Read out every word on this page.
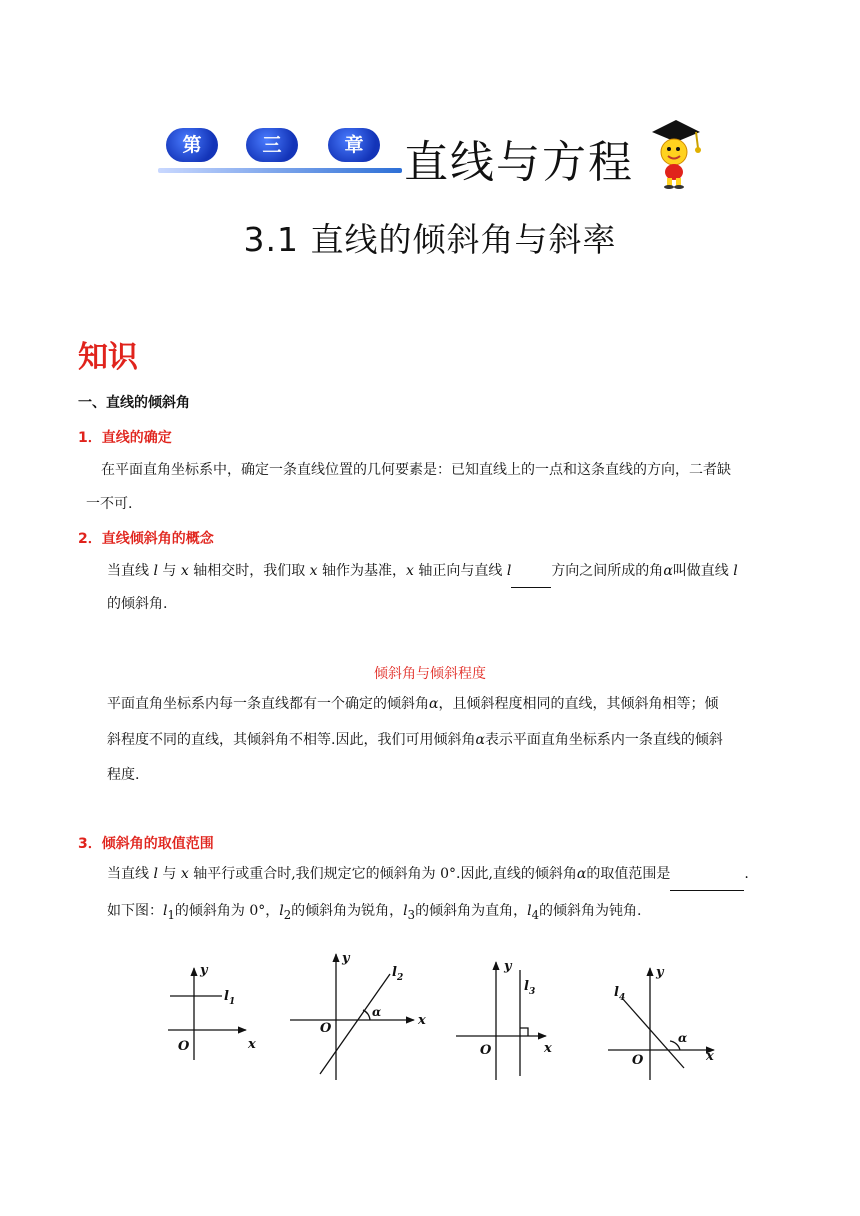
第	三	章 直线与方程
3.1 直线的倾斜角与斜率
知识
一、直线的倾斜角
1．直线的确定
在平面直角坐标系中，确定一条直线位置的几何要素是：已知直线上的一点和这条直线的方向，二者缺
一不可.
2．直线倾斜角的概念
当直线 l 与 x 轴相交时，我们取 x 轴作为基准，x 轴正向与直线 l	方向之间所成的角α叫做直线 l
的倾斜角.
倾斜角与倾斜程度
平面直角坐标系内每一条直线都有一个确定的倾斜角α，且倾斜程度相同的直线，其倾斜角相等；倾
斜程度不同的直线，其倾斜角不相等.因此，我们可用倾斜角α表示平面直角坐标系内一条直线的倾斜
程度.
3．倾斜角的取值范围
当直线 l 与 x 轴平行或重合时,我们规定它的倾斜角为 0°.因此,直线的倾斜角α的取值范围是	.
如下图：$l_1$的倾斜角为 0°，$l_2$的倾斜角为锐角，$l_3$的倾斜角为直角，$l_4$的倾斜角为钝角.
y
O	x
$l_1$
y
O
x
α
$l_2$
y
O	x
$l_3$
y
O	x
α
$l_4$
